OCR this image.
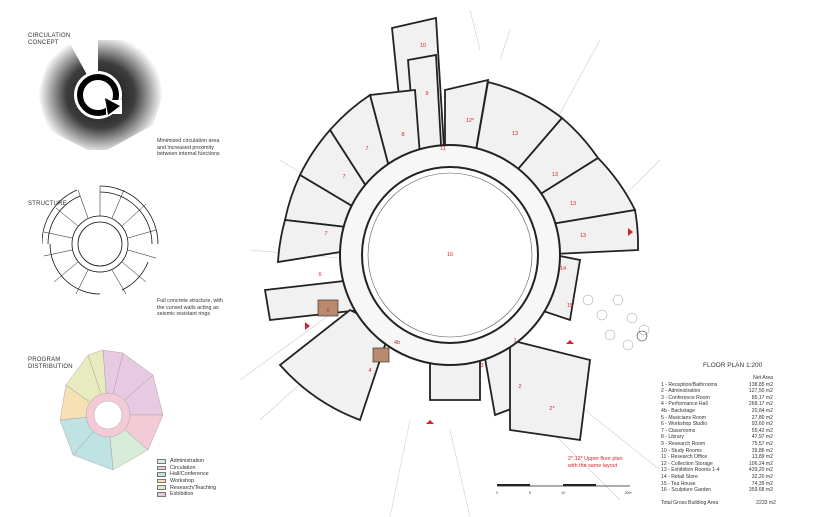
CIRCULATION
CONCEPT
Minimized circulation area
and increased proximity
between internal functions
STRUCTURE
Full concrete structure, with
the curved walls acting as
seismic resistant rings
PROGRAM
DISTRIBUTION
Administration
Circulation
Hall/Conference
Workshop
Research/Teaching
Exhibition
10
9
12*
13
8
11
13
7
7
13
7	13
6
14
16
15
5
4b	1
4
3
2
2*
0	5	10	20m
2*,12* Upper floor plan
with the same layout
FLOOR PLAN 1:200
Net Area
1 - Reception/Bathrooms	138,85 m2
2 - Administration	127,50 m2
3 - Conference Room	85,17 m2
4 - Performance Hall	268,17 m2
4b - Backstage	20,84 m2
5 - Musicians Room	27,80 m2
6 - Workshop Studio	93,60 m2
7 - Classrooms	55,42 m2
8 - Library	47,97 m2
9 - Research Room	75,57 m2
10 - Study Rooms	39,86 m2
11 - Research Office	13,89 m2
12 - Collection Storage	106,24 m2
13 - Exhibition Rooms 1-4	439,20 m2
14 - Retail Store	32,20 m2
15 - Tea House	74,39 m2
16 - Sculpture Garden	359,68 m2
Total Gross Building Area	2233 m2
